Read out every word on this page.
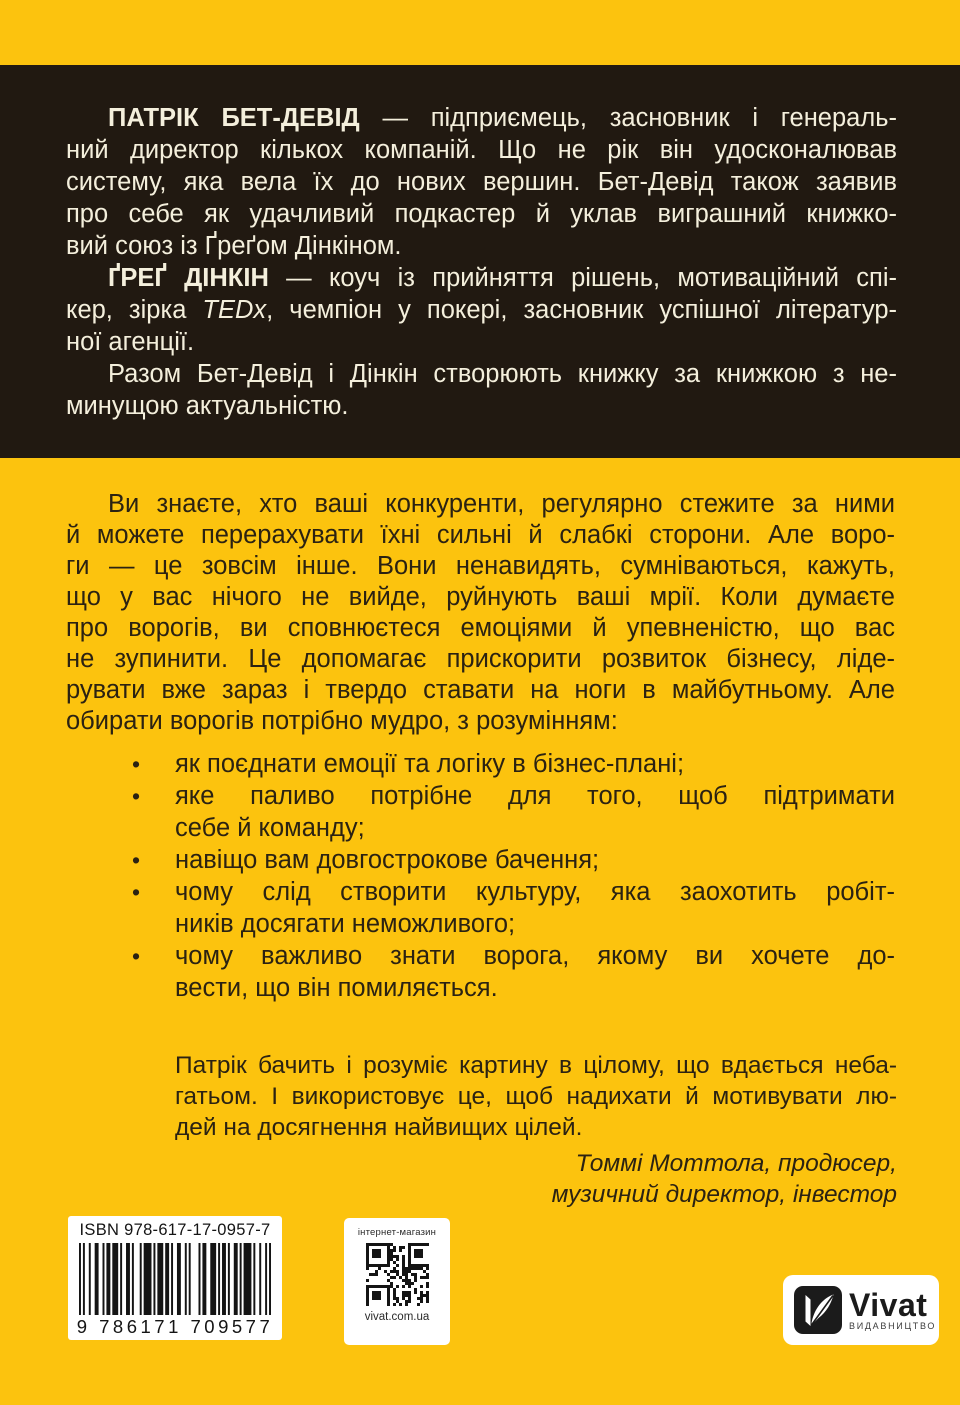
ПАТРІК БЕТ-ДЕВІД — підприємець, засновник і генераль-
ний директор кількох компаній. Що не рік він удосконалював
систему, яка вела їх до нових вершин. Бет-Девід також заявив
про себе як удачливий подкастер й уклав виграшний книжко-
вий союз із Ґреґом Дінкіном.
ҐРЕҐ ДІНКІН — коуч із прийняття рішень, мотиваційний спі-
кер, зірка TEDx, чемпіон у покері, засновник успішної літератур-
ної агенції.
Разом Бет-Девід і Дінкін створюють книжку за книжкою з не-
минущою актуальністю.
Ви знаєте, хто ваші конкуренти, регулярно стежите за ними
й можете перерахувати їхні сильні й слабкі сторони. Але воро-
ги — це зовсім інше. Вони ненавидять, сумніваються, кажуть,
що у вас нічого не вийде, руйнують ваші мрії. Коли думаєте
про ворогів, ви сповнюєтеся емоціями й упевненістю, що вас
не зупинити. Це допомагає прискорити розвиток бізнесу, ліде-
рувати вже зараз і твердо ставати на ноги в майбутньому. Але
обирати ворогів потрібно мудро, з розумінням:
•	як поєднати емоції та логіку в бізнес-плані;
•	яке паливо потрібне для того, щоб підтримати
себе й команду;
•	навіщо вам довгострокове бачення;
•	чому слід створити культуру, яка заохотить робіт-
ників досягати неможливого;
•	чому важливо знати ворога, якому ви хочете до-
вести, що він помиляється.
Патрік бачить і розуміє картину в цілому, що вдається неба-
гатьом. І використовує це, щоб надихати й мотивувати лю-
дей на досягнення найвищих цілей.
Томмі Моттола, продюсер,
музичний директор, інвестор
ISBN 978-617-17-0957-7
9 786171 709577
інтернет-магазин
vivat.com.ua	Vivat
ВИДАВНИЦТВО
